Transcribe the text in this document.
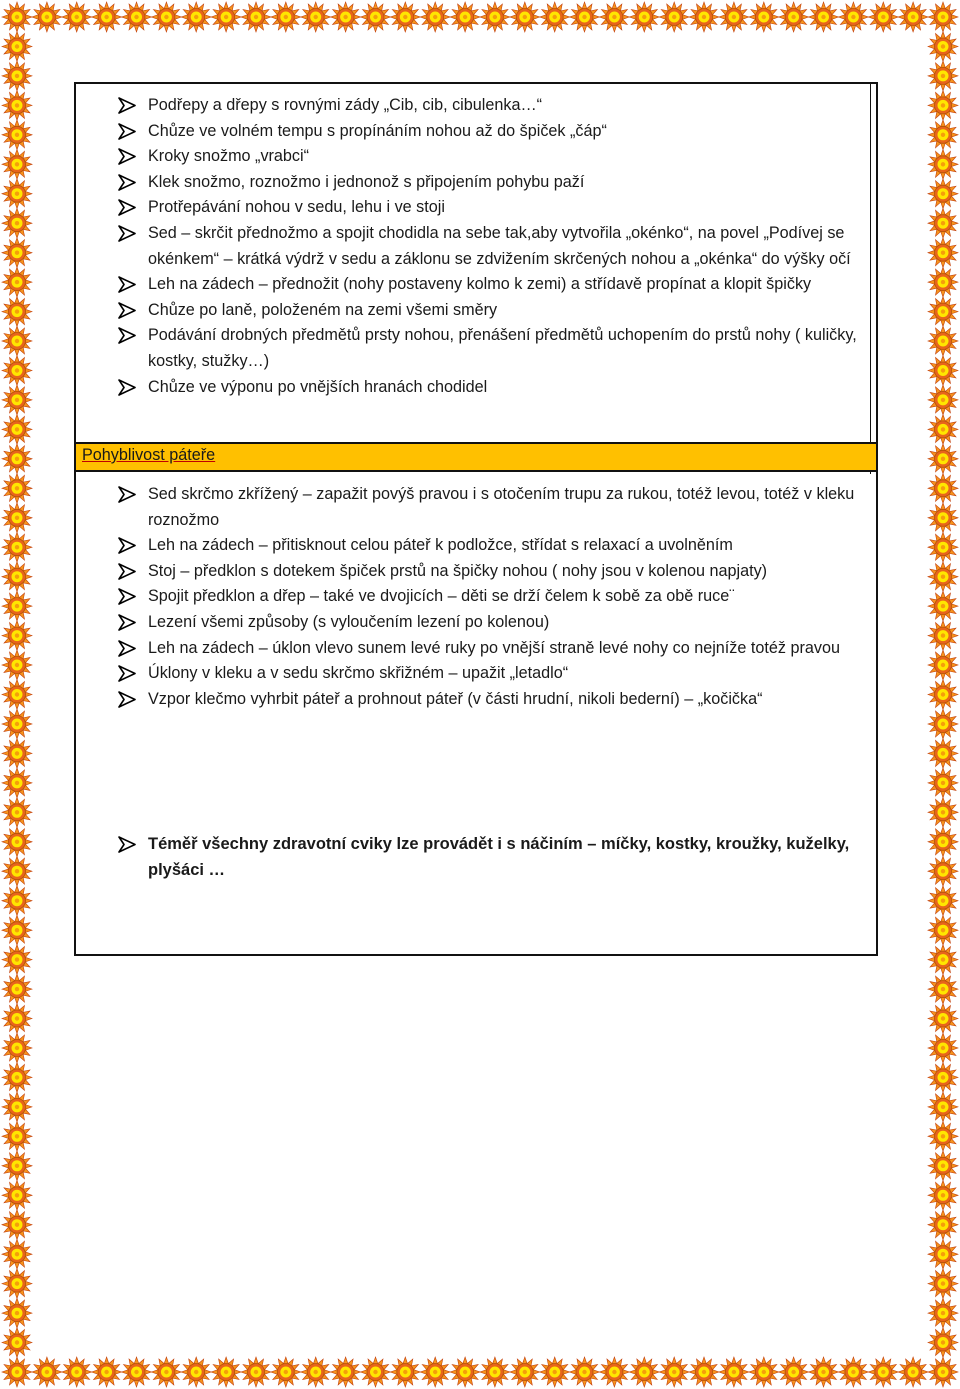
Podřepy a dřepy s rovnými zády „Cib, cib, cibulenka…“
Chůze ve volném tempu s propínáním nohou až do špiček „čáp“
Kroky snožmo „vrabci“
Klek snožmo, roznožmo i jednonož s připojením pohybu paží
Protřepávání nohou v sedu, lehu i ve stoji
Sed – skrčit přednožmo a spojit chodidla na sebe tak,aby vytvořila „okénko“, na povel „Podívej se okénkem“ – krátká výdrž v sedu a záklonu se zdvižením skrčených nohou a „okénka“ do výšky očí
Leh na zádech – přednožit (nohy postaveny kolmo k zemi) a střídavě propínat a klopit špičky
Chůze po laně, položeném na zemi všemi směry
Podávání drobných předmětů prsty nohou, přenášení předmětů uchopením do prstů nohy ( kuličky, kostky, stužky…)
Chůze ve výponu po vnějších hranách chodidel
Pohyblivost páteře
Sed skrčmo zkřížený – zapažit povýš pravou i s otočením trupu za rukou, totéž levou, totéž v kleku roznožmo
Leh na zádech – přitisknout celou páteř k podložce, střídat s relaxací a uvolněním
Stoj – předklon s dotekem špiček prstů na špičky nohou ( nohy jsou v kolenou napjaty)
Spojit předklon a dřep – také ve dvojicích – děti se drží čelem k sobě za obě ruce¨
Lezení všemi způsoby (s vyloučením lezení po kolenou)
Leh na zádech – úklon vlevo sunem levé ruky po vnější straně levé nohy co nejníže totéž pravou
Úklony v kleku a v sedu skrčmo skřižném – upažit „letadlo“
Vzpor klečmo vyhrbit páteř a prohnout páteř (v části hrudní, nikoli bederní) – „kočička“
Téměř všechny zdravotní cviky lze provádět i s náčiním – míčky, kostky, kroužky, kuželky, plyšáci …
